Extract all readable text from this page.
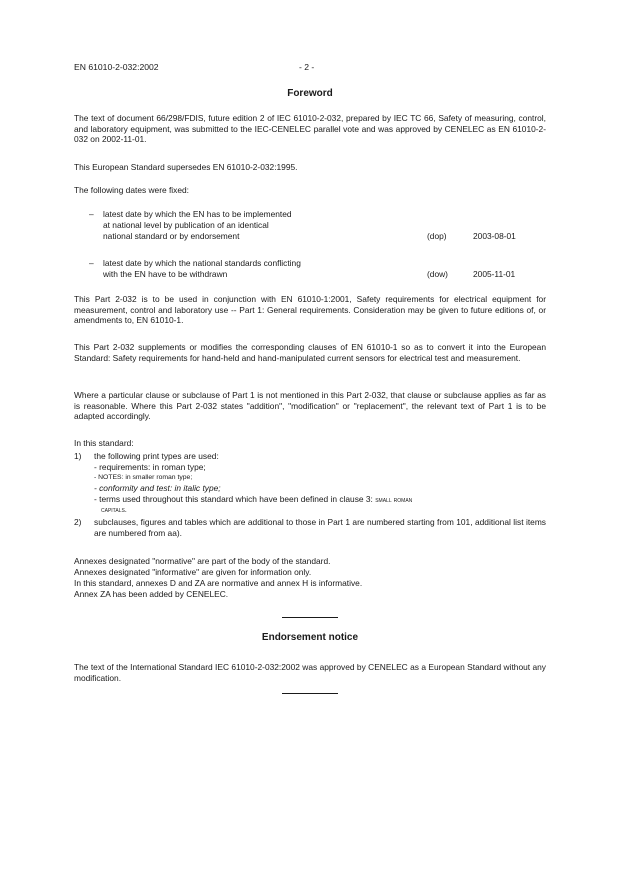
EN 61010-2-032:2002	- 2 -
Foreword
The text of document 66/298/FDIS, future edition 2 of IEC 61010-2-032, prepared by IEC TC 66, Safety of measuring, control, and laboratory equipment, was submitted to the IEC-CENELEC parallel vote and was approved by CENELEC as EN 61010-2-032 on 2002-11-01.
This European Standard supersedes EN 61010-2-032:1995.
The following dates were fixed:
– latest date by which the EN has to be implemented
at national level by publication of an identical
national standard or by endorsement	(dop)	2003-08-01
– latest date by which the national standards conflicting
with the EN have to be withdrawn	(dow)	2005-11-01
This Part 2-032 is to be used in conjunction with EN 61010-1:2001, Safety requirements for electrical equipment for measurement, control and laboratory use -- Part 1: General requirements. Consideration may be given to future editions of, or amendments to, EN 61010-1.
This Part 2-032 supplements or modifies the corresponding clauses of EN 61010-1 so as to convert it into the European Standard: Safety requirements for hand-held and hand-manipulated current sensors for electrical test and measurement.
Where a particular clause or subclause of Part 1 is not mentioned in this Part 2-032, that clause or subclause applies as far as is reasonable. Where this Part 2-032 states "addition", "modification" or "replacement", the relevant text of Part 1 is to be adapted accordingly.
In this standard:
1) the following print types are used:
- requirements: in roman type;
- NOTES: in smaller roman type;
- conformity and test: in italic type;
- terms used throughout this standard which have been defined in clause 3: small roman
capitals.
2) subclauses, figures and tables which are additional to those in Part 1 are numbered starting from 101, additional list items are numbered from aa).
Annexes designated "normative" are part of the body of the standard.
Annexes designated "informative" are given for information only.
In this standard, annexes D and ZA are normative and annex H is informative.
Annex ZA has been added by CENELEC.
Endorsement notice
The text of the International Standard IEC 61010-2-032:2002 was approved by CENELEC as a European Standard without any modification.
